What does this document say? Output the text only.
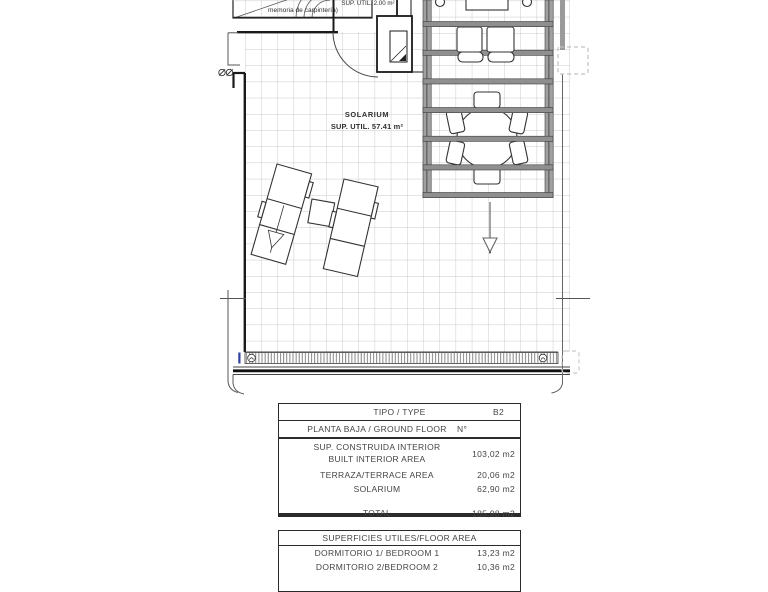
memoria de carpintería)
SUP. UTIL. 2.00 m²
SOLARIUM
SUP. UTIL. 57.41 m²
TIPO / TYPE	B2
PLANTA BAJA / GROUND FLOOR	N°
SUP. CONSTRUIDA INTERIOR
BUILT INTERIOR AREA
103,02 m2
TERRAZA/TERRACE AREA	20,06 m2
SOLARIUM	62,90 m2
TOTAL	185,98 m2
SUPERFICIES UTILES/FLOOR AREA
DORMITORIO 1/ BEDROOM 1	13,23 m2
DORMITORIO 2/BEDROOM 2	10,36 m2
